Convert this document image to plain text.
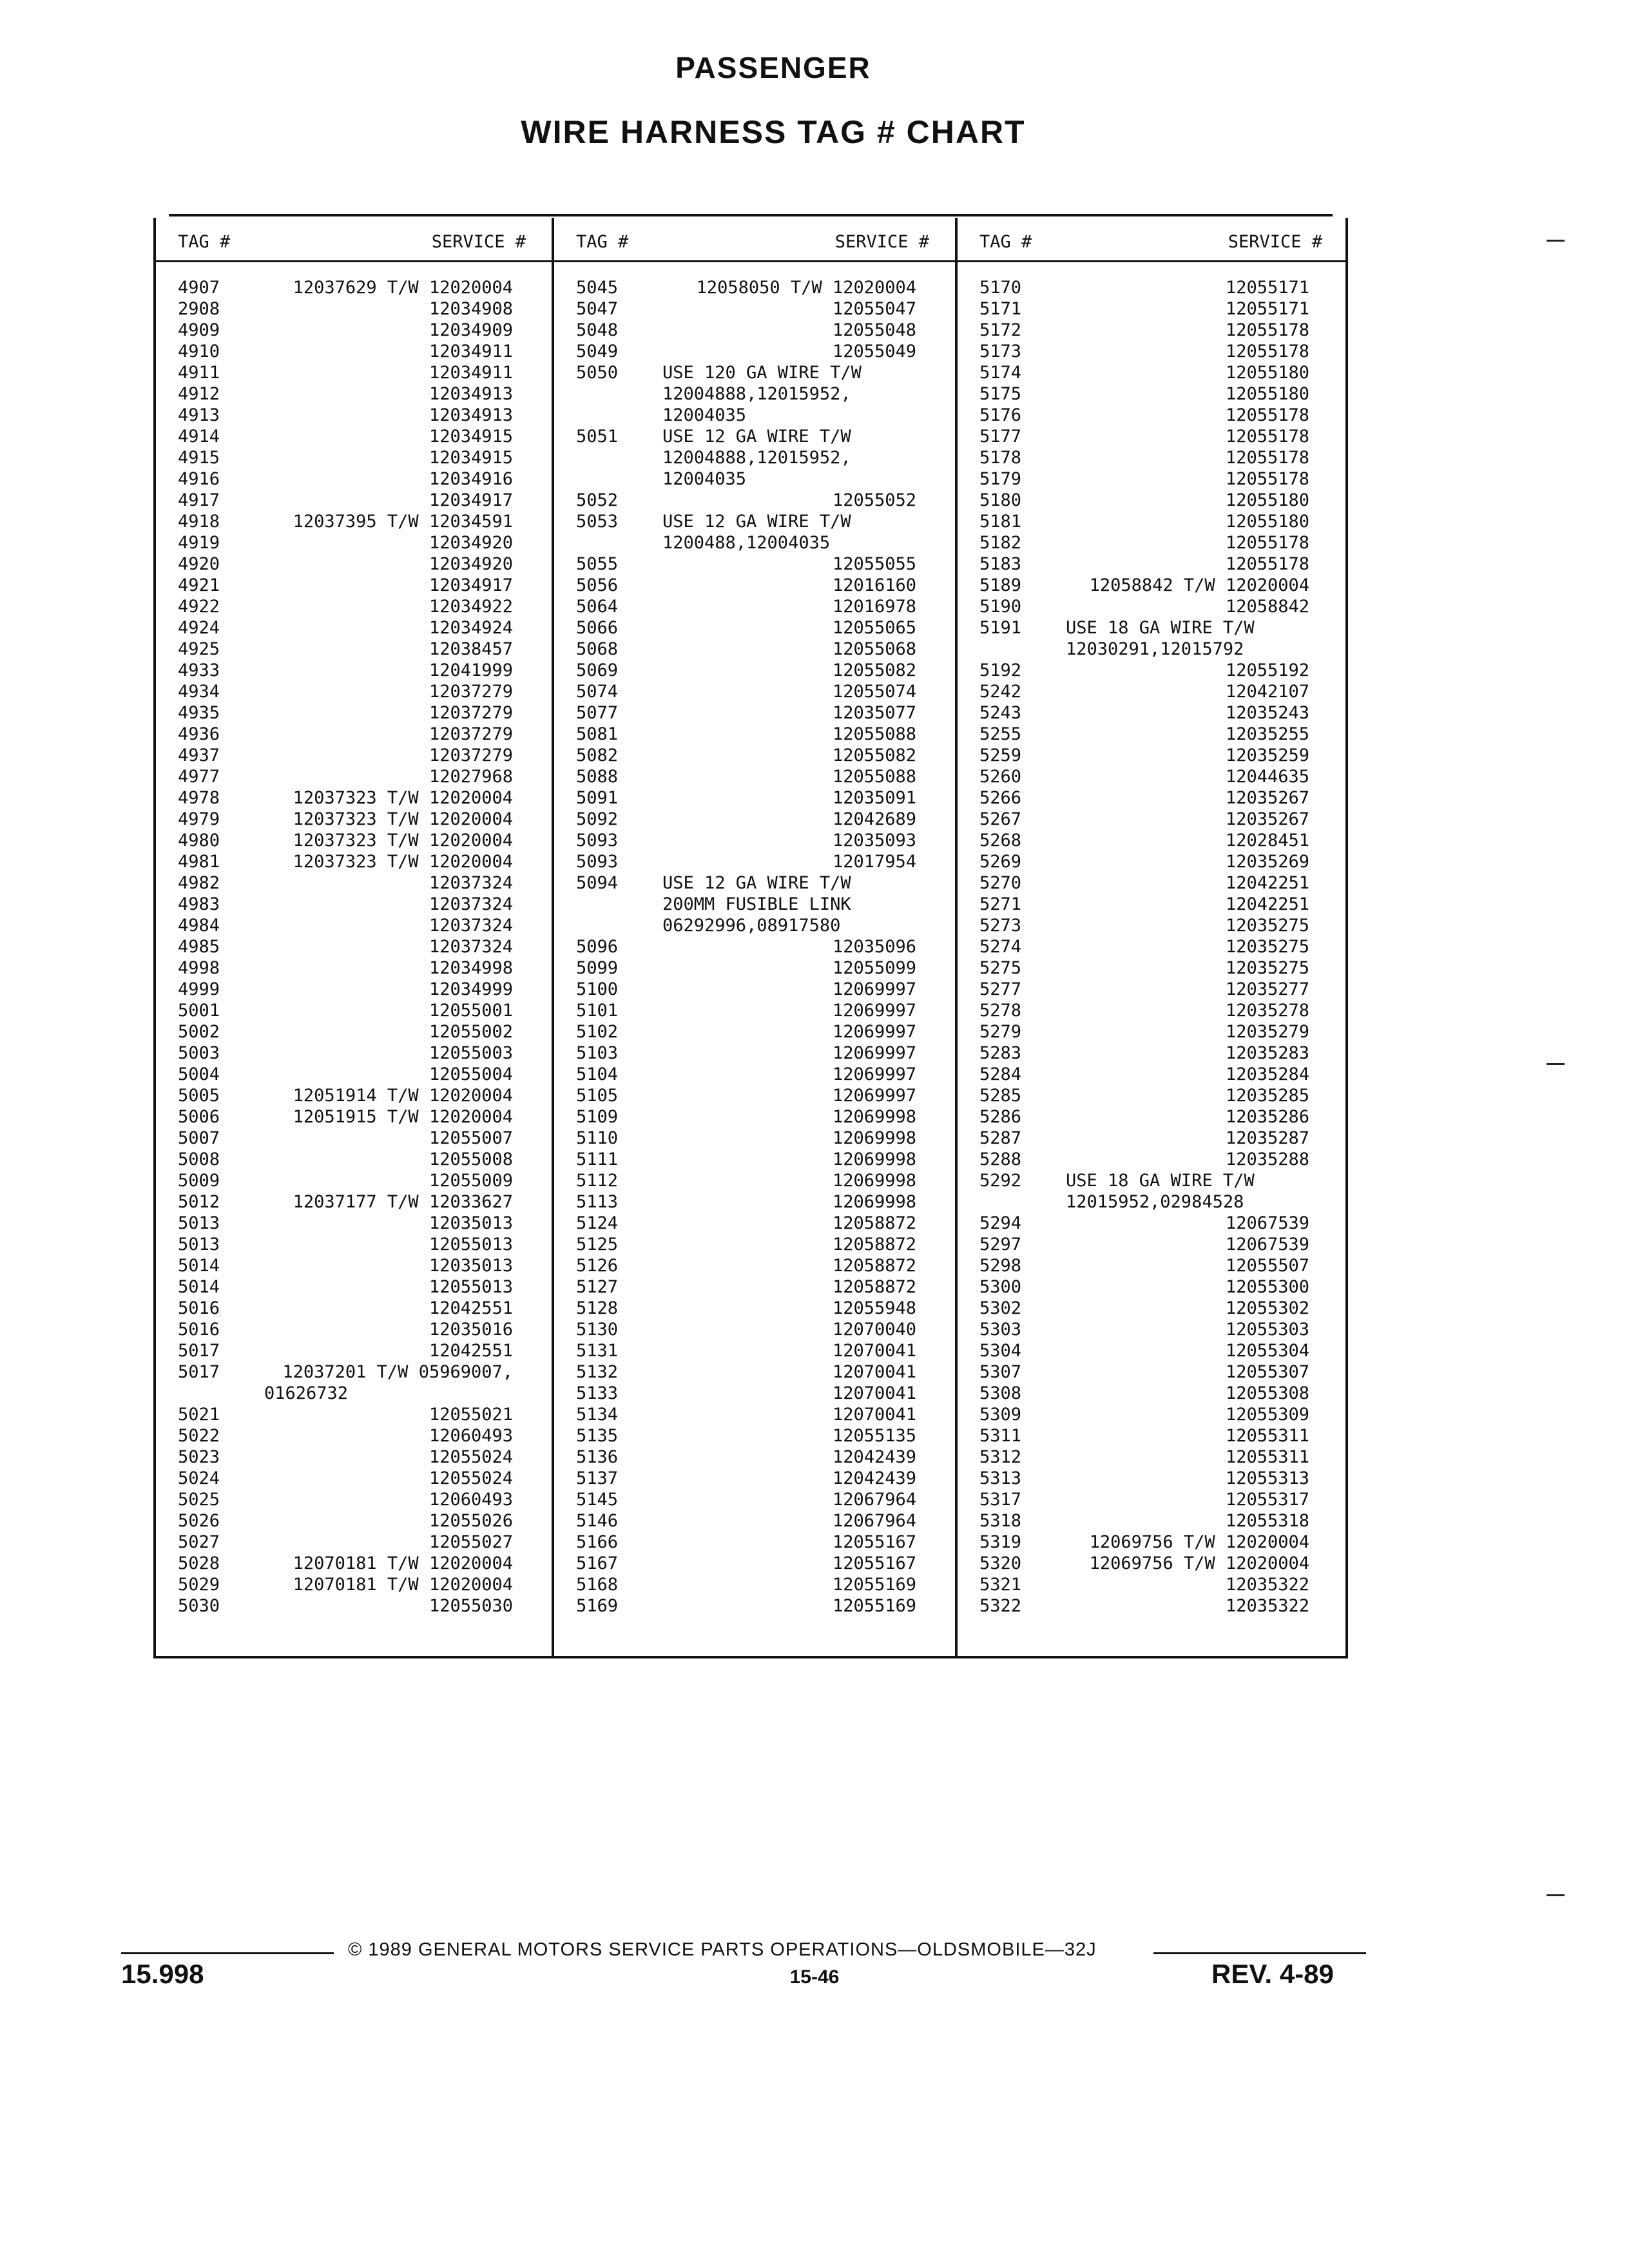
PASSENGER
WIRE HARNESS TAG # CHART
TAG #	SERVICE #
4907	12037629 T/W 12020004
2908	12034908
4909	12034909
4910	12034911
4911	12034911
4912	12034913
4913	12034913
4914	12034915
4915	12034915
4916	12034916
4917	12034917
4918	12037395 T/W 12034591
4919	12034920
4920	12034920
4921	12034917
4922	12034922
4924	12034924
4925	12038457
4933	12041999
4934	12037279
4935	12037279
4936	12037279
4937	12037279
4977	12027968
4978	12037323 T/W 12020004
4979	12037323 T/W 12020004
4980	12037323 T/W 12020004
4981	12037323 T/W 12020004
4982	12037324
4983	12037324
4984	12037324
4985	12037324
4998	12034998
4999	12034999
5001	12055001
5002	12055002
5003	12055003
5004	12055004
5005	12051914 T/W 12020004
5006	12051915 T/W 12020004
5007	12055007
5008	12055008
5009	12055009
5012	12037177 T/W 12033627
5013	12035013
5013	12055013
5014	12035013
5014	12055013
5016	12042551
5016	12035016
5017	12042551
5017	12037201 T/W 05969007,
01626732
5021	12055021
5022	12060493
5023	12055024
5024	12055024
5025	12060493
5026	12055026
5027	12055027
5028	12070181 T/W 12020004
5029	12070181 T/W 12020004
5030	12055030
TAG #	SERVICE #
5045	12058050 T/W 12020004
5047	12055047
5048	12055048
5049	12055049
5050	USE 120 GA WIRE T/W
12004888,12015952,
12004035
5051	USE 12 GA WIRE T/W
12004888,12015952,
12004035
5052	12055052
5053	USE 12 GA WIRE T/W
1200488,12004035
5055	12055055
5056	12016160
5064	12016978
5066	12055065
5068	12055068
5069	12055082
5074	12055074
5077	12035077
5081	12055088
5082	12055082
5088	12055088
5091	12035091
5092	12042689
5093	12035093
5093	12017954
5094	USE 12 GA WIRE T/W
200MM FUSIBLE LINK
06292996,08917580
5096	12035096
5099	12055099
5100	12069997
5101	12069997
5102	12069997
5103	12069997
5104	12069997
5105	12069997
5109	12069998
5110	12069998
5111	12069998
5112	12069998
5113	12069998
5124	12058872
5125	12058872
5126	12058872
5127	12058872
5128	12055948
5130	12070040
5131	12070041
5132	12070041
5133	12070041
5134	12070041
5135	12055135
5136	12042439
5137	12042439
5145	12067964
5146	12067964
5166	12055167
5167	12055167
5168	12055169
5169	12055169
TAG #	SERVICE #
5170	12055171
5171	12055171
5172	12055178
5173	12055178
5174	12055180
5175	12055180
5176	12055178
5177	12055178
5178	12055178
5179	12055178
5180	12055180
5181	12055180
5182	12055178
5183	12055178
5189	12058842 T/W 12020004
5190	12058842
5191	USE 18 GA WIRE T/W
12030291,12015792
5192	12055192
5242	12042107
5243	12035243
5255	12035255
5259	12035259
5260	12044635
5266	12035267
5267	12035267
5268	12028451
5269	12035269
5270	12042251
5271	12042251
5273	12035275
5274	12035275
5275	12035275
5277	12035277
5278	12035278
5279	12035279
5283	12035283
5284	12035284
5285	12035285
5286	12035286
5287	12035287
5288	12035288
5292	USE 18 GA WIRE T/W
12015952,02984528
5294	12067539
5297	12067539
5298	12055507
5300	12055300
5302	12055302
5303	12055303
5304	12055304
5307	12055307
5308	12055308
5309	12055309
5311	12055311
5312	12055311
5313	12055313
5317	12055317
5318	12055318
5319	12069756 T/W 12020004
5320	12069756 T/W 12020004
5321	12035322
5322	12035322
15.998
© 1989 GENERAL MOTORS SERVICE PARTS OPERATIONS—OLDSMOBILE—32J
15-46	REV. 4-89
